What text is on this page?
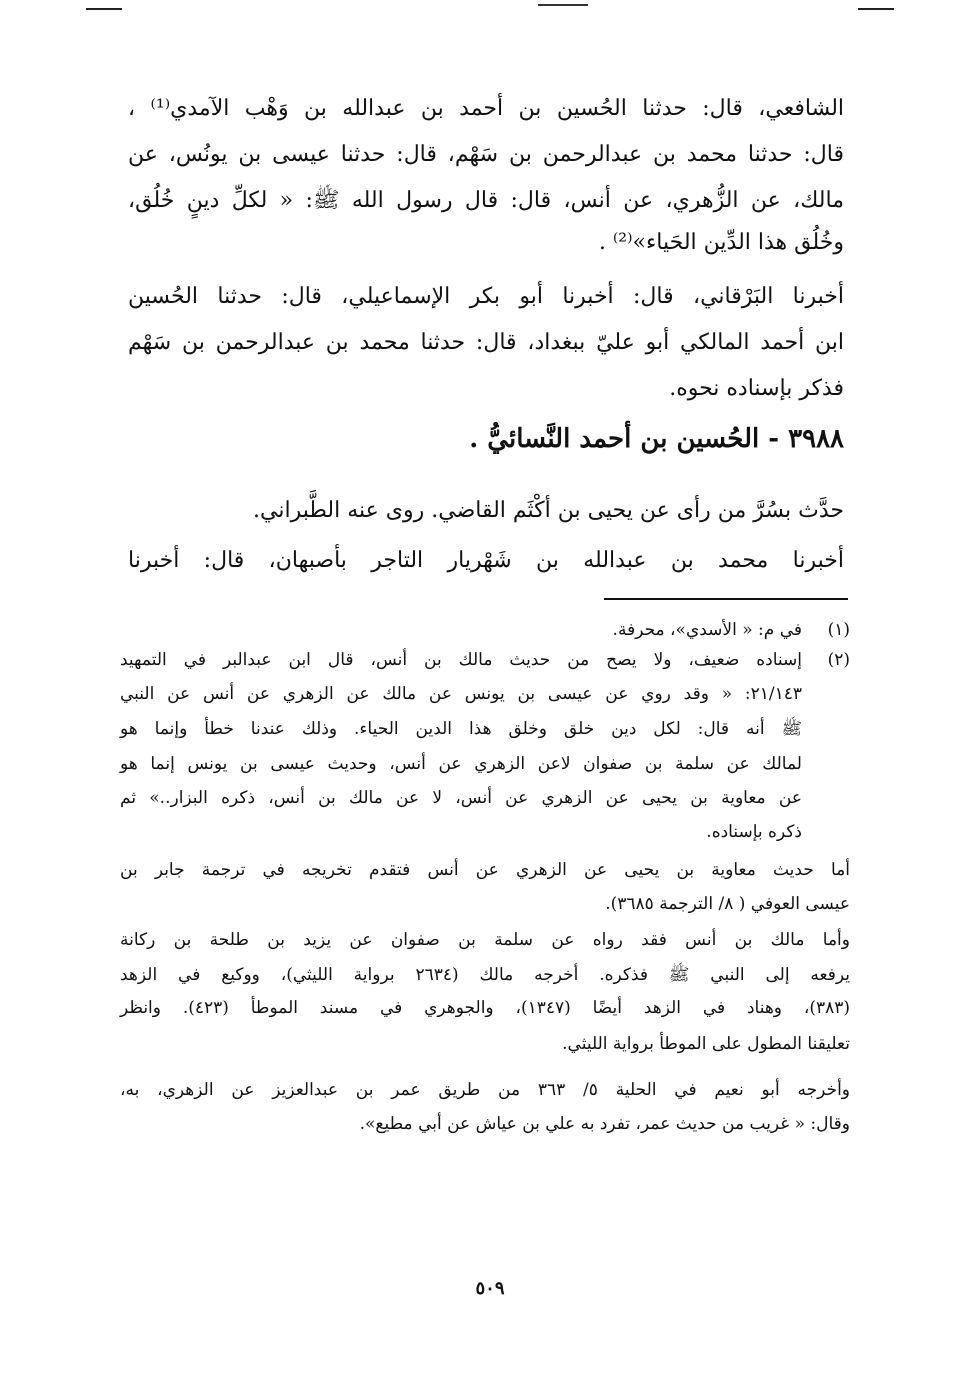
الشافعي، قال: حدثنا الحُسين بن أحمد بن عبدالله بن وَهْب الآمدي⁽¹⁾ ،
قال: حدثنا محمد بن عبدالرحمن بن سَهْم، قال: حدثنا عيسى بن يونُس، عن
مالك، عن الزُّهري، عن أنس، قال: قال رسول الله ﷺ: « لكلِّ دينٍ خُلُق،
وخُلُق هذا الدِّين الحَياء»⁽²⁾ .
أخبرنا البَرْقاني، قال: أخبرنا أبو بكر الإسماعيلي، قال: حدثنا الحُسين
ابن أحمد المالكي أبو عليّ ببغداد، قال: حدثنا محمد بن عبدالرحمن بن سَهْم
فذكر بإسناده نحوه.
٣٩٨٨ - الحُسين بن أحمد النَّسائيُّ .
حدَّث بسُرَّ من رأى عن يحيى بن أكْثَم القاضي. روى عنه الطَّبراني.
أخبرنا محمد بن عبدالله بن شَهْريار التاجر بأصبهان، قال: أخبرنا
(١)
في م: « الأسدي»، محرفة.
(٢)
إسناده ضعيف، ولا يصح من حديث مالك بن أنس، قال ابن عبدالبر في التمهيد
٢١/١٤٣: « وقد روي عن عيسى بن يونس عن مالك عن الزهري عن أنس عن النبي
ﷺ أنه قال: لكل دين خلق وخلق هذا الدين الحياء. وذلك عندنا خطأ وإنما هو
لمالك عن سلمة بن صفوان لاعن الزهري عن أنس، وحديث عيسى بن يونس إنما هو
عن معاوية بن يحيى عن الزهري عن أنس، لا عن مالك بن أنس، ذكره البزار..» ثم
ذكره بإسناده.
أما حديث معاوية بن يحيى عن الزهري عن أنس فتقدم تخريجه في ترجمة جابر بن
عيسى العوفي ( ٨/ الترجمة ٣٦٨٥).
وأما مالك بن أنس فقد رواه عن سلمة بن صفوان عن يزيد بن طلحة بن ركانة
يرفعه إلى النبي ﷺ فذكره. أخرجه مالك (٢٦٣٤ برواية الليثي)، ووكيع في الزهد
(٣٨٣)، وهناد في الزهد أيضًا (١٣٤٧)، والجوهري في مسند الموطأ (٤٢٣). وانظر
تعليقنا المطول على الموطأ برواية الليثي.
وأخرجه أبو نعيم في الحلية ٥/ ٣٦٣ من طريق عمر بن عبدالعزيز عن الزهري، به،
وقال: « غريب من حديث عمر، تفرد به علي بن عياش عن أبي مطيع».
٥٠٩
